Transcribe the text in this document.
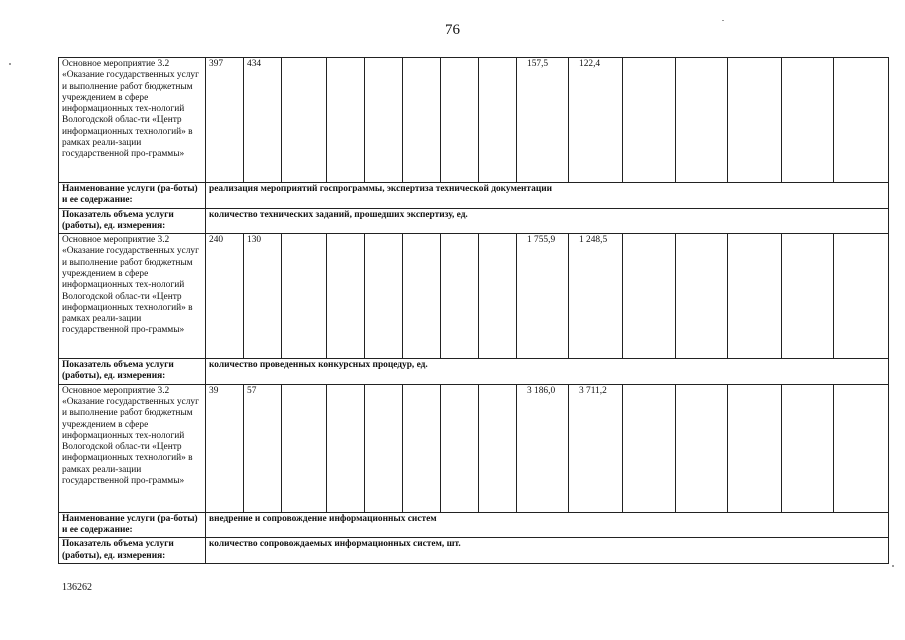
76
Основное мероприятие 3.2 «Оказание государственных услуг и выполнение работ бюджетным учреждением в сфере информационных тех-нологий Вологодской облас-ти «Центр информационных технологий» в рамках реали-зации государственной про-граммы»	397	434							157,5	122,4					
Наименование услуги (ра-боты) и ее содержание:	реализация мероприятий госпрограммы, экспертиза технической документации														
Показатель объема услуги (работы), ед. измерения:	количество технических заданий, прошедших экспертизу, ед.														
Основное мероприятие 3.2 «Оказание государственных услуг и выполнение работ бюджетным учреждением в сфере информационных тех-нологий Вологодской облас-ти «Центр информационных технологий» в рамках реали-зации государственной про-граммы»	240	130							1 755,9	1 248,5					
Показатель объема услуги (работы), ед. измерения:	количество проведенных конкурсных процедур, ед.														
Основное мероприятие 3.2 «Оказание государственных услуг и выполнение работ бюджетным учреждением в сфере информационных тех-нологий Вологодской облас-ти «Центр информационных технологий» в рамках реали-зации государственной про-граммы»	39	57							3 186,0	3 711,2					
Наименование услуги (ра-боты) и ее содержание:	внедрение и сопровождение информационных систем														
Показатель объема услуги (работы), ед. измерения:	количество сопровождаемых информационных систем, шт.														
136262
